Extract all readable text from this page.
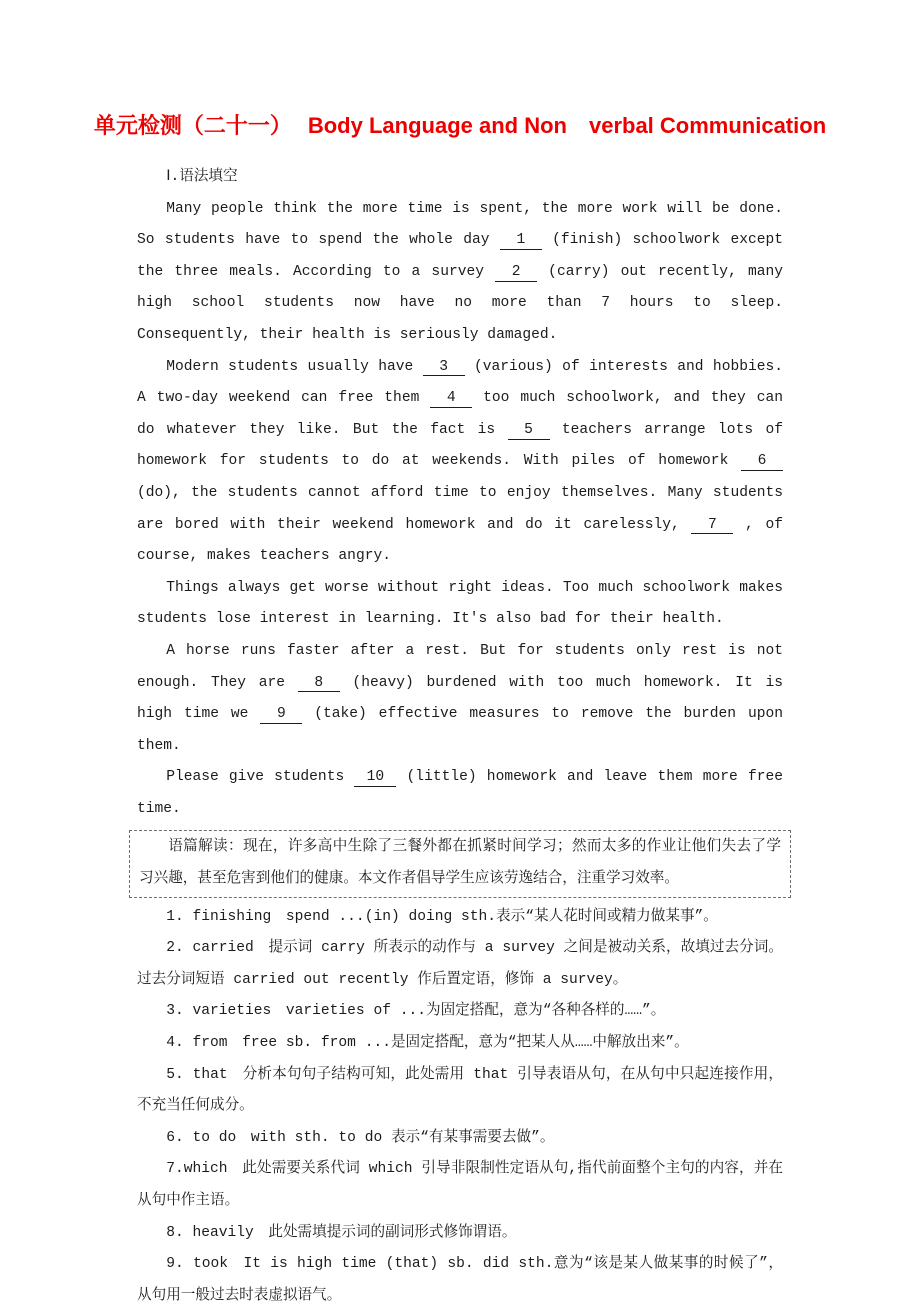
单元检测（二十一） Body Language and Non verbal Communication

Ⅰ.语法填空

Many people think the more time is spent, the more work will be done. So students have to spend the whole day 1 (finish) schoolwork except the three meals. According to a survey 2 (carry) out recently, many high school students now have no more than 7 hours to sleep. Consequently, their health is seriously damaged.

Modern students usually have 3 (various) of interests and hobbies. A two-day weekend can free them 4 too much schoolwork, and they can do whatever they like. But the fact is 5 teachers arrange lots of homework for students to do at weekends. With piles of homework 6 (do), the students cannot afford time to enjoy themselves. Many students are bored with their weekend homework and do it carelessly, 7 , of course, makes teachers angry.

Things always get worse without right ideas. Too much schoolwork makes students lose interest in learning. It's also bad for their health.

A horse runs faster after a rest. But for students only rest is not enough. They are 8 (heavy) burdened with too much homework. It is high time we 9 (take) effective measures to remove the burden upon them.

Please give students 10 (little) homework and leave them more free time.

语篇解读：现在，许多高中生除了三餐外都在抓紧时间学习；然而太多的作业让他们失去了学习兴趣，甚至危害到他们的健康。本文作者倡导学生应该劳逸结合，注重学习效率。

1. finishing　spend ...(in) doing sth.表示“某人花时间或精力做某事”。

2. carried　提示词 carry 所表示的动作与 a survey 之间是被动关系，故填过去分词。过去分词短语 carried out recently 作后置定语，修饰 a survey。

3. varieties　varieties of ...为固定搭配，意为“各种各样的……”。

4. from　free sb. from ...是固定搭配，意为“把某人从……中解放出来”。

5. that　分析本句句子结构可知，此处需用 that 引导表语从句，在从句中只起连接作用，不充当任何成分。

6. to do　with sth. to do 表示“有某事需要去做”。

7.which　此处需要关系代词 which 引导非限制性定语从句,指代前面整个主句的内容，并在从句中作主语。

8. heavily　此处需填提示词的副词形式修饰谓语。

9. took　It is high time (that) sb. did sth.意为“该是某人做某事的时候了”，从句用一般过去时表虚拟语气。
